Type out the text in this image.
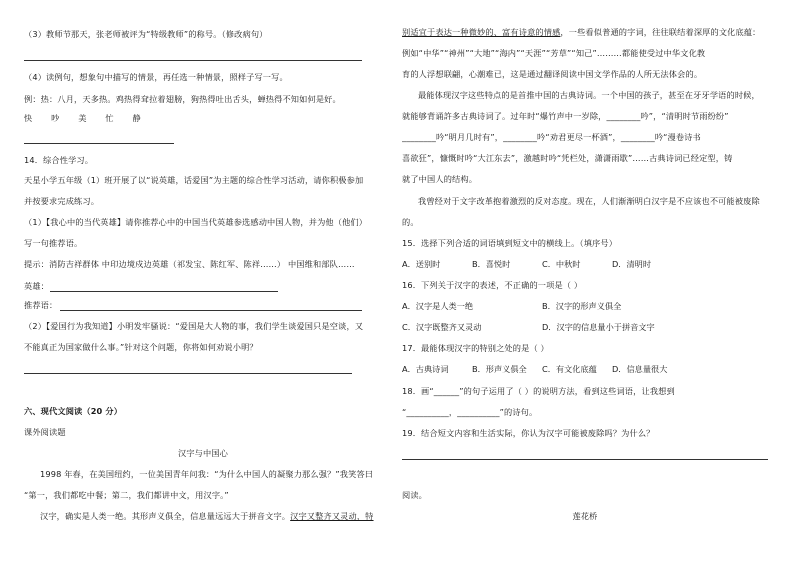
（3）教师节那天，张老师被评为“特级教师”的称号。（修改病句）
（4）读例句，想象句中描写的情景，再任选一种情景，照样子写一写。
例：热：八月，天多热。鸡热得耷拉着翅膀，狗热得吐出舌头，蝉热得不知如何是好。
快 吵 美 忙 静
14．综合性学习。
天星小学五年级（1）班开展了以“说英雄，话爱国”为主题的综合性学习活动，请你积极参加
并按要求完成练习。
（1）【我心中的当代英雄】请你推荐心中的中国当代英雄参选感动中国人物，并为他（他们）
写一句推荐语。
提示：消防吉祥群体 中印边境戍边英雄（祁发宝、陈红军、陈祥……） 中国维和部队……
英雄：
推荐语：
（2）【爱国行为我知道】小明发牢骚说：“爱国是大人物的事，我们学生谈爱国只是空谈，又
不能真正为国家做什么事。”针对这个问题，你将如何劝说小明？
六、现代文阅读（20 分）
课外阅读题
汉字与中国心
1998 年春，在美国纽约，一位美国青年问我：“为什么中国人的凝聚力那么强？”我笑答曰
“第一，我们都吃中餐；第二，我们都讲中文，用汉字。”
汉字，确实是人类一绝。其形声义俱全，信息量远远大于拼音文字。汉字又整齐又灵动，特
别适宜于表达一种微妙的、富有诗意的情感，一些看似普通的字词，往往联结着深厚的文化底蕴：
例如“中华”“神州”“大地”“海内”“天涯”“芳草”“知己”………都能使受过中华文化教
育的人浮想联翩，心潮难已，这是通过翻译阅读中国文学作品的人所无法体会的。
最能体现汉字这些特点的是首推中国的古典诗词。一个中国的孩子，甚至在牙牙学语的时候，
就能够背诵許多古典诗词了。过年时“爆竹声中一岁除，________吟”，“清明时节雨纷纷”
________吟“明月几时有”，________吟“劝君更尽一杯酒”，________吟“漫卷诗书
喜欲狂”，慷慨时吟“大江东去”，激越时吟“凭栏处，潇潇雨歇”……古典诗词已经定型，铸
就了中国人的结构。
我曾经对于文字改革抱着激烈的反对态度。现在，人们渐渐明白汉字是不应该也不可能被废除
的。
15．选择下列合适的词语填到短文中的横线上。（填序号）
A．送别时	B．喜悦时	C．中秋时	D．清明时
16．下列关于汉字的表述，不正确的一项是（ ）
A．汉字是人类一绝	B．汉字的形声义俱全
C．汉字既整齐又灵动	D．汉字的信息量小于拼音文字
17．最能体现汉字的特别之处的是（ ）
A．古典诗词	B．形声义俱全 C．有文化底蕴 D．信息量很大
18．画“______”的句子运用了（ ）的说明方法，看到这些词语，让我想到
“__________，__________”的诗句。
19．结合短文内容和生活实际，你认为汉字可能被废除吗？为什么？
阅读。
莲花桥
